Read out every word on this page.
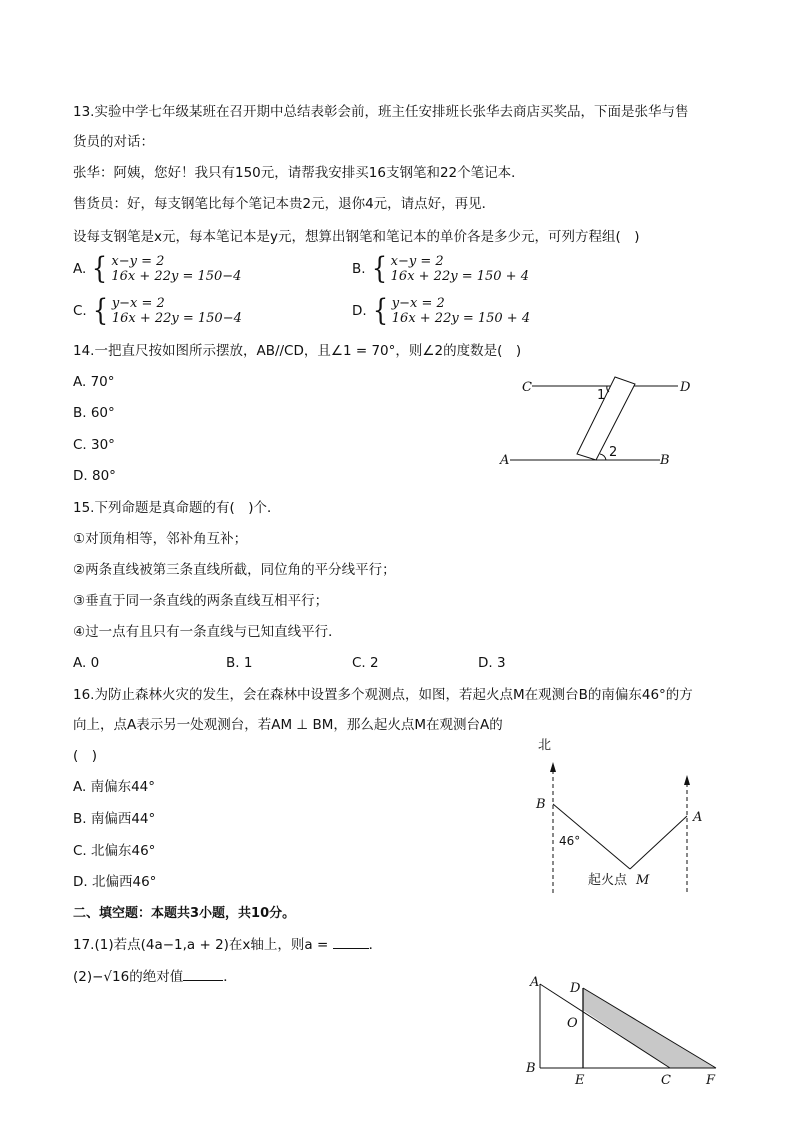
13.实验中学七年级某班在召开期中总结表彰会前，班主任安排班长张华去商店买奖品，下面是张华与售
货员的对话：
张华：阿姨，您好！我只有150元，请帮我安排买16支钢笔和22个笔记本．
售货员：好，每支钢笔比每个笔记本贵2元，退你4元，请点好，再见．
设每支钢笔是x元，每本笔记本是y元，想算出钢笔和笔记本的单价各是多少元，可列方程组(　)
A. { x−y = 2
16x + 22y = 150−4	B. { x−y = 2
16x + 22y = 150 + 4
C. { y−x = 2
16x + 22y = 150−4	D. { y−x = 2
16x + 22y = 150 + 4
14.一把直尺按如图所示摆放，AB//CD，且∠1 = 70°，则∠2的度数是(　)
A. 70°
B. 60°
C. 30°
D. 80°
C	D
A	B
1
2
15.下列命题是真命题的有(　)个．
①对顶角相等，邻补角互补；
②两条直线被第三条直线所截，同位角的平分线平行；
③垂直于同一条直线的两条直线互相平行；
④过一点有且只有一条直线与已知直线平行．
A. 0	B. 1	C. 2	D. 3
16.为防止森林火灾的发生，会在森林中设置多个观测点，如图，若起火点M在观测台B的南偏东46°的方
向上，点A表示另一处观测台，若AM ⊥ BM，那么起火点M在观测台A的
(　)
A. 南偏东44°
B. 南偏西44°
C. 北偏东46°
D. 北偏西46°
北
B
A
M
46°
起火点
二、填空题：本题共3小题，共10分。
17.(1)若点(4a−1,a + 2)在x轴上，则a =	．
(2)−√16的绝对值	．	A D
O
B
E	C	F
